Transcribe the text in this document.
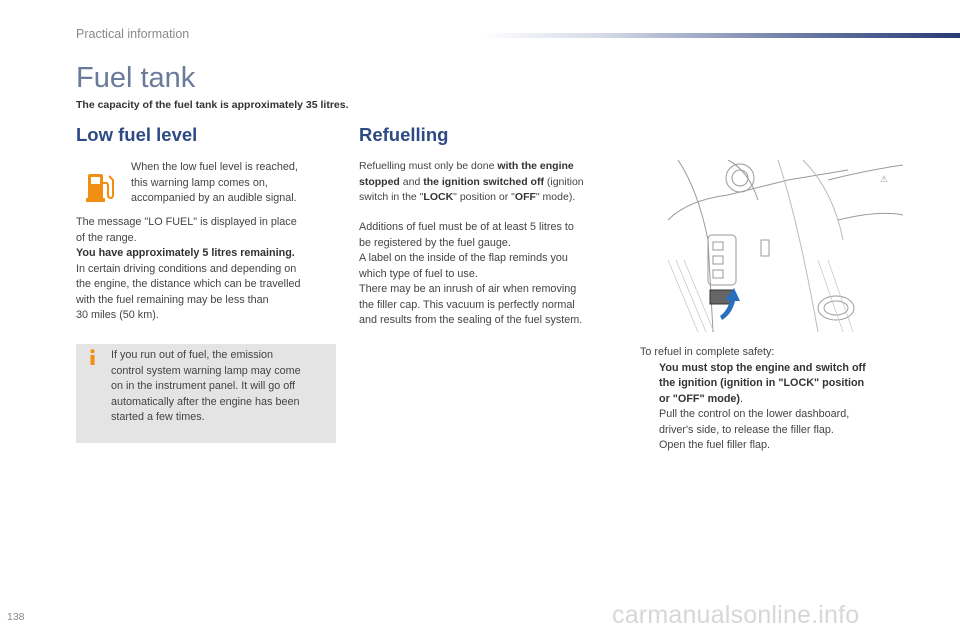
Practical information
Fuel tank
The capacity of the fuel tank is approximately 35 litres.
Low fuel level
When the low fuel level is reached,
this warning lamp comes on,
accompanied by an audible signal.
The message "LO FUEL" is displayed in place
of the range.
You have approximately 5 litres remaining.
In certain driving conditions and depending on
the engine, the distance which can be travelled
with the fuel remaining may be less than
30 miles (50 km).
If you run out of fuel, the emission
control system warning lamp may come
on in the instrument panel. It will go off
automatically after the engine has been
started a few times.
Refuelling
Refuelling must only be done with the engine
stopped and the ignition switched off (ignition
switch in the "LOCK" position or "OFF" mode).
Additions of fuel must be of at least 5 litres to
be registered by the fuel gauge.
A label on the inside of the flap reminds you
which type of fuel to use.
There may be an inrush of air when removing
the filler cap. This vacuum is perfectly normal
and results from the sealing of the fuel system.
⚠
To refuel in complete safety:
You must stop the engine and switch off
the ignition (ignition in "LOCK" position
or "OFF" mode).
Pull the control on the lower dashboard,
driver's side, to release the filler flap.
Open the fuel filler flap.
138	carmanualsonline.info
